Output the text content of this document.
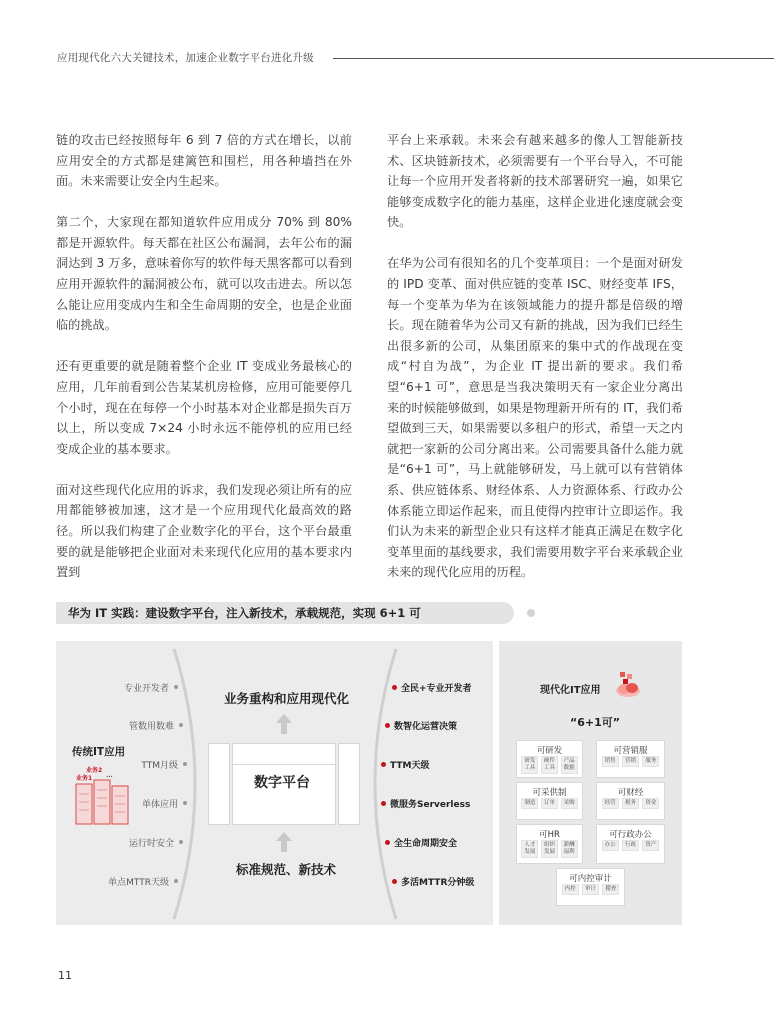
应用现代化六大关键技术，加速企业数字平台进化升级

链的攻击已经按照每年 6 到 7 倍的方式在增长，以前应用安全的方式都是建篱笆和围栏，用各种墙挡在外面。未来需要让安全内生起来。

第二个，大家现在都知道软件应用成分 70% 到 80% 都是开源软件。每天都在社区公布漏洞，去年公布的漏洞达到 3 万多，意味着你写的软件每天黑客都可以看到应用开源软件的漏洞被公布，就可以攻击进去。所以怎么能让应用变成内生和全生命周期的安全，也是企业面临的挑战。

还有更重要的就是随着整个企业 IT 变成业务最核心的应用，几年前看到公告某某机房检修，应用可能要停几个小时，现在在每停一个小时基本对企业都是损失百万以上，所以变成 7×24 小时永远不能停机的应用已经变成企业的基本要求。

面对这些现代化应用的诉求，我们发现必须让所有的应用都能够被加速，这才是一个应用现代化最高效的路径。所以我们构建了企业数字化的平台，这个平台最重要的就是能够把企业面对未来现代化应用的基本要求内置到

平台上来承载。未来会有越来越多的像人工智能新技术、区块链新技术，必须需要有一个平台导入，不可能让每一个应用开发者将新的技术部署研究一遍，如果它能够变成数字化的能力基座，这样企业进化速度就会变快。

在华为公司有很知名的几个变革项目：一个是面对研发的 IPD 变革、面对供应链的变革 ISC、财经变革 IFS，每一个变革为华为在该领域能力的提升都是倍级的增长。现在随着华为公司又有新的挑战，因为我们已经生出很多新的公司，从集团原来的集中式的作战现在变成“村自为战”，为企业 IT 提出新的要求。我们希望“6+1 可”，意思是当我决策明天有一家企业分离出来的时候能够做到，如果是物理新开所有的 IT，我们希望做到三天，如果需要以多租户的形式，希望一天之内就把一家新的公司分离出来。公司需要具备什么能力就是“6+1 可”，马上就能够研发，马上就可以有营销体系、供应链体系、财经体系、人力资源体系、行政办公体系能立即运作起来，而且使得内控审计立即运作。我们认为未来的新型企业只有这样才能真正满足在数字化变革里面的基线要求，我们需要用数字平台来承载企业未来的现代化应用的历程。

华为 IT 实践：建设数字平台，注入新技术，承载规范，实现 6+1 可
传统IT应用
业务2
业务1 ...
专业开发者
管数用数难
TTM月级
单体应用
运行时安全
单点MTTR天级
业务重构和应用现代化
数字平台
标准规范、新技术
全民+专业开发者
数智化运营决策
TTM天级
微服务Serverless
全生命周期安全
多活MTTR分钟级
现代化IT应用
“6+1可”
可研发
研发
工具
硬件
工具
产品
数据
可营销服
销售	营销	服务
可采供制
制造	订单	采购
可财经
经营	税务	资金
可HR
人才
发展
组织
发展
薪酬
福利
可行政办公
办公	行政	资产
可内控审计
内控	审计	稽查
11
